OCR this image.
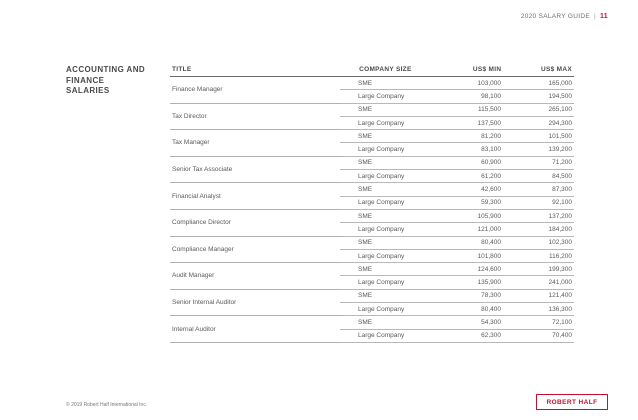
2020 SALARY GUIDE | 11
ACCOUNTING AND FINANCE SALARIES
TITLE	COMPANY SIZE	US$ MIN	US$ MAX
Finance Manager
SME	103,000	165,000
Large Company	98,100	194,500
Tax Director
SME	115,500	265,100
Large Company	137,500	294,300
Tax Manager
SME	81,200	101,500
Large Company	83,100	139,200
Senior Tax Associate
SME	60,900	71,200
Large Company	61,200	84,500
Financial Analyst
SME	42,600	87,300
Large Company	59,300	92,100
Compliance Director
SME	105,900	137,200
Large Company	121,000	184,200
Compliance Manager
SME	80,400	102,300
Large Company	101,800	116,200
Audit Manager
SME	124,600	199,300
Large Company	135,900	241,000
Senior Internal Auditor
SME	78,300	121,400
Large Company	80,400	136,300
Internal Auditor
SME	54,300	72,100
Large Company	62,300	70,400
© 2019 Robert Half International Inc.	ROBERT HALF
